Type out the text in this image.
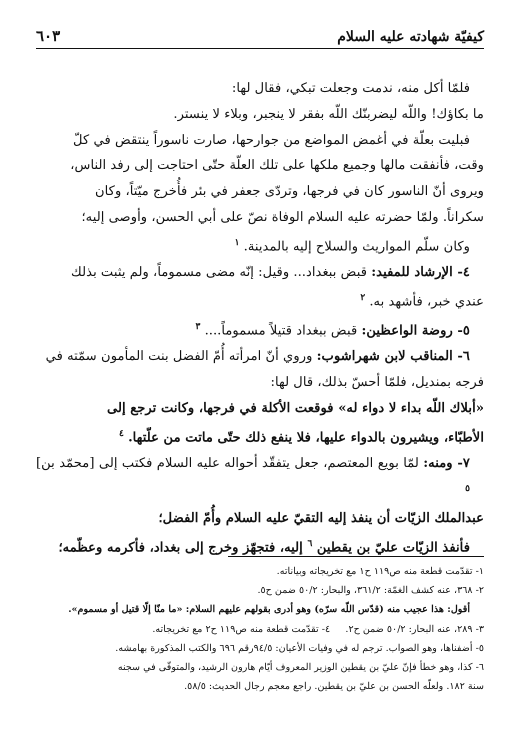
كيفيّة شهادته عليه السلام
٦٠٣

فلمّا أكل منه، ندمت وجعلت تبكي، فقال لها:

ما بكاؤك! واللّه ليضربنّك اللّه بفقر لا ينجبر، وبلاء لا ينستر.

فبليت بعلّة في أغمض المواضع من جوارحها، صارت ناسوراً ينتقض في كلّ

وقت، فأنفقت مالها وجميع ملكها على تلك العلّة حتّى احتاجت إلى رفد الناس،

ويروى أنّ الناسور كان في فرجها، وتردّى جعفر في بئر فأُخرج ميّتاً، وكان

سكراناً. ولمّا حضرته عليه السلام الوفاة نصّ على أبي الحسن، وأوصى إليه؛

وكان سلّم المواريث والسلاح إليه بالمدينة. $^١$

٤- الإرشاد للمفيد: قبض ببغداد... وقيل: إنّه مضى مسموماً، ولم يثبت بذلك

عندي خبر، فأشهد به. $^٢$

٥- روضة الواعظين: قبض ببغداد قتيلاً مسموماً.... $^٣$

٦- المناقب لابن شهراشوب: وروي أنّ امرأته أُمّ الفضل بنت المأمون سمّته في

فرجه بمنديل، فلمّا أحسّ بذلك، قال لها:

«أبلاك اللّه بداء لا دواء له» فوقعت الأكلة في فرجها، وكانت ترجع إلى

الأطبّاء، ويشيرون بالدواء عليها، فلا ينفع ذلك حتّى ماتت من علّتها. $^٤$

٧- ومنه: لمّا بويع المعتصم، جعل يتفقّد أحواله عليه السلام فكتب إلى [محمّد بن] $^٥$

عبدالملك الزيّات أن ينفذ إليه التقيّ عليه السلام وأُمّ الفضل؛

فأنفذ الزيّات عليّ بن يقطين $^٦$ إليه، فتجهّز وخرج إلى بغداد، فأكرمه وعظّمه؛

١- تقدّمت قطعة منه ص١١٩ ح١ مع تخريجاته وبياناته.

٢- ٣٦٨، عنه كشف الغمّة: ٣٦١/٢، والبحار: ٥٠/٢ ضمن ح٥.

أقول: هذا عجيب منه (قدّس اللّه سرّه) وهو أدرى بقولهم عليهم السلام: «ما منّا إلّا قتيل أو مسموم».

٣- ٢٨٩، عنه البحار: ٥٠/٢ ضمن ح٢.     ٤- تقدّمت قطعة منه ص١١٩ ح٢ مع تخريجاته.

٥- أضفناها، وهو الصواب. ترجم له في وفيات الأعيان: ٩٤/٥رقم ٦٩٦ والكتب المذكورة بهامشه.

٦- كذا، وهو خطأ فإنّ عليّ بن يقطين الوزير المعروف أيّام هارون الرشيد، والمتوفّى في سجنه

سنة ١٨٢. ولعلّه الحسن بن عليّ بن يقطين. راجع معجم رجال الحديث: ٥٨/٥.
